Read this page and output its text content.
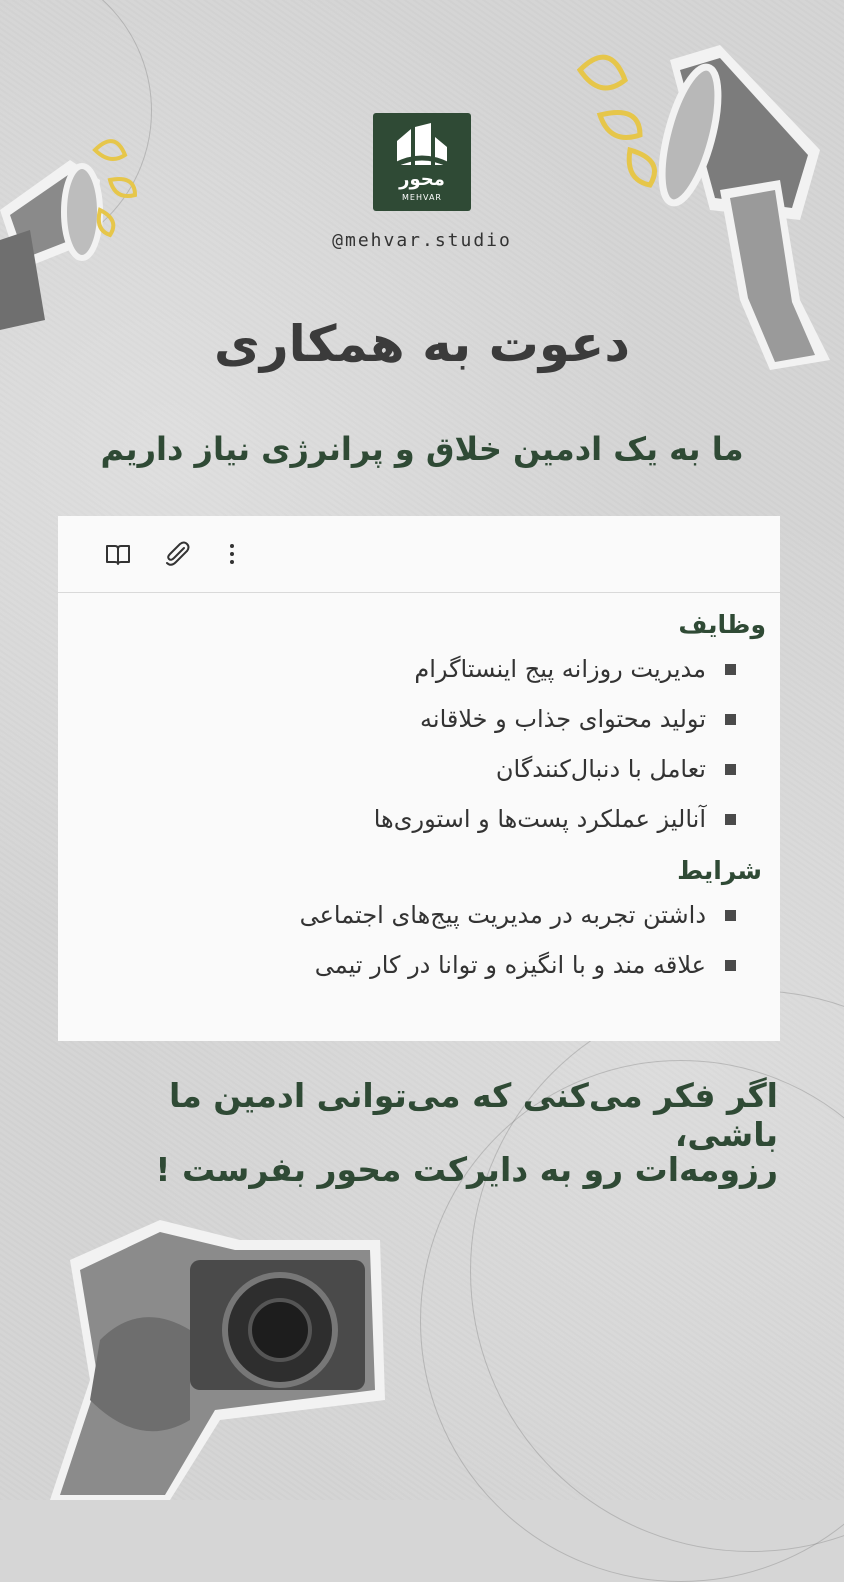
محور
MEHVAR
@mehvar.studio
دعوت به همکاری
ما به یک ادمین خلاق و پرانرژی نیاز داریم
وظایف
مدیریت روزانه پیج اینستاگرام
تولید محتوای جذاب و خلاقانه
تعامل با دنبال‌کنندگان
آنالیز عملکرد پست‌ها و استوری‌ها
شرایط
داشتن تجربه در مدیریت پیج‌های اجتماعی
علاقه مند و با انگیزه و توانا در کار تیمی
اگر فکر می‌کنی که می‌توانی ادمین ما باشی،
رزومه‌ات رو به دایرکت محور بفرست !
